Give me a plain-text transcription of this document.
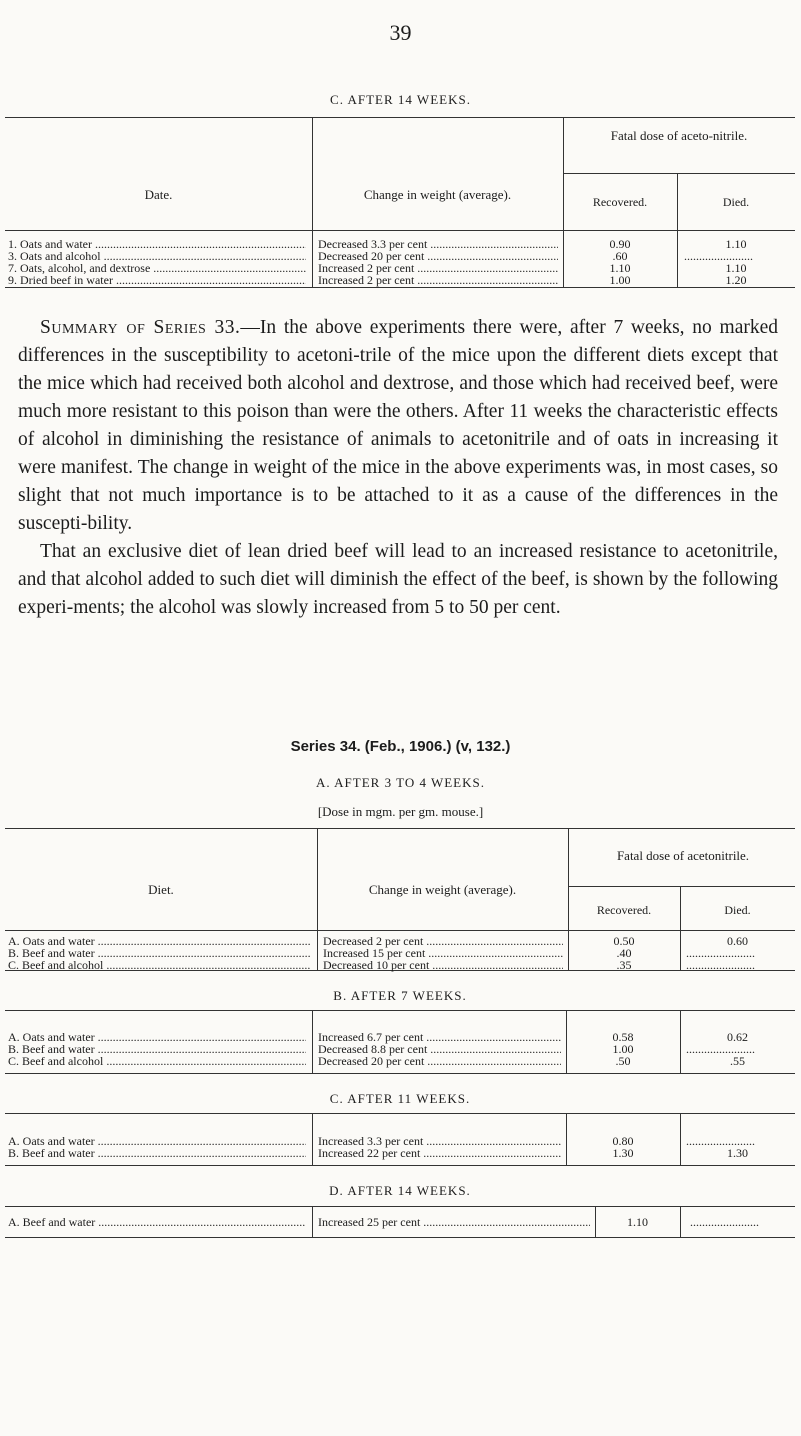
39
C. AFTER 14 WEEKS.
Date.	Change in weight (average).
Fatal dose of aceto-nitrile.
Recovered.	Died.
1. Oats and water .....	Decreased 3.3 per cent .....	0.90	1.10
3. Oats and alcohol .....	Decreased 20 per cent .....	.60	.......................
7. Oats, alcohol, and dextrose .....	Increased 2 per cent .....	1.10	1.10
9. Dried beef in water .....	Increased 2 per cent .....	1.00	1.20

Summary of Series 33.—In the above experiments there were, after 7 weeks, no marked differences in the susceptibility to acetoni-trile of the mice upon the different diets except that the mice which had received both alcohol and dextrose, and those which had received beef, were much more resistant to this poison than were the others. After 11 weeks the characteristic effects of alcohol in diminishing the resistance of animals to acetonitrile and of oats in increasing it were manifest. The change in weight of the mice in the above experiments was, in most cases, so slight that not much importance is to be attached to it as a cause of the differences in the suscepti-bility.

That an exclusive diet of lean dried beef will lead to an increased resistance to acetonitrile, and that alcohol added to such diet will diminish the effect of the beef, is shown by the following experi-ments; the alcohol was slowly increased from 5 to 50 per cent.

Series 34. (Feb., 1906.) (v, 132.)
A. AFTER 3 TO 4 WEEKS.
[Dose in mgm. per gm. mouse.]
Diet.	Change in weight (average).
Fatal dose of acetonitrile.
Recovered.	Died.
A. Oats and water .....	Decreased 2 per cent .....	0.50	0.60
B. Beef and water .....	Increased 15 per cent .....	.40	.......................
C. Beef and alcohol .....	Decreased 10 per cent .....	.35	.......................
B. AFTER 7 WEEKS.
A. Oats and water .....	Increased 6.7 per cent .....	0.58	0.62
B. Beef and water .....	Decreased 8.8 per cent .....	1.00	.......................
C. Beef and alcohol .....	Decreased 20 per cent .....	.50	.55
C. AFTER 11 WEEKS.
A. Oats and water .....	Increased 3.3 per cent .....	0.80	.......................
B. Beef and water .....	Increased 22 per cent .....	1.30	1.30
D. AFTER 14 WEEKS.
A. Beef and water .....	Increased 25 per cent .....	1.10	.......................
